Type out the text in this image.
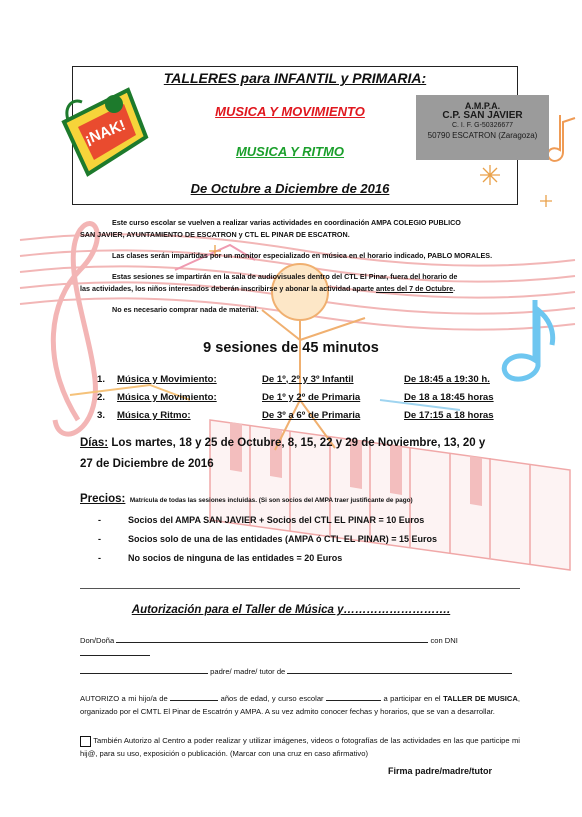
¡NAK!
TALLERES para INFANTIL y PRIMARIA:
MUSICA Y MOVIMIENTO
MUSICA Y RITMO
De Octubre a Diciembre de 2016
A.M.P.A.
C.P. SAN JAVIER
C. I. F. G-50326677
50790 ESCATRON (Zaragoza)

Este curso escolar se vuelven a realizar varias actividades en coordinación AMPA COLEGIO PUBLICO

SAN JAVIER, AYUNTAMIENTO DE ESCATRON y CTL EL PINAR DE ESCATRON.

Las clases serán impartidas por un monitor especializado en música en el horario indicado, PABLO MORALES.

Estas sesiones se impartirán en la sala de audiovisuales dentro del CTL El Pinar, fuera del horario de

las actividades, los niños interesados deberán inscribirse y abonar la actividad aparte antes del 7 de Octubre.

No es necesario comprar nada de material.

9 sesiones de 45 minutos
1.	Música y Movimiento:	De 1º, 2º y 3º Infantil	De 18:45 a 19:30 h.
2.	Música y Movimiento:	De 1º y 2º de Primaria	De 18 a 18:45 horas
3.	Música y Ritmo:	De 3º a 6º de Primaria	De 17:15 a 18 horas
Días: Los martes, 18 y 25 de Octubre, 8, 15, 22 y 29 de Noviembre, 13, 20 y
27 de Diciembre de 2016
Precios: Matrícula de todas las sesiones incluidas. (Si son socios del AMPA traer justificante de pago)
-	Socios del AMPA SAN JAVIER + Socios del CTL EL PINAR = 10 Euros
-	Socios solo de una de las entidades (AMPA ó CTL EL PINAR) = 15 Euros
-	No socios de ninguna de las entidades = 20 Euros
Autorización para el Taller de Música y……………………….
Don/Doña	con DNI
padre/ madre/ tutor de
AUTORIZO a mi hijo/a de	años de edad, y curso escolar	a participar en el TALLER DE MUSICA, organizado por el CMTL El Pinar de Escatrón y AMPA. A su vez admito conocer fechas y horarios, que se van a desarrollar.
También Autorizo al Centro a poder realizar y utilizar imágenes, videos o fotografías de las actividades en las que participe mi hij@, para su uso, exposición o publicación. (Marcar con una cruz en caso afirmativo)
Firma padre/madre/tutor
